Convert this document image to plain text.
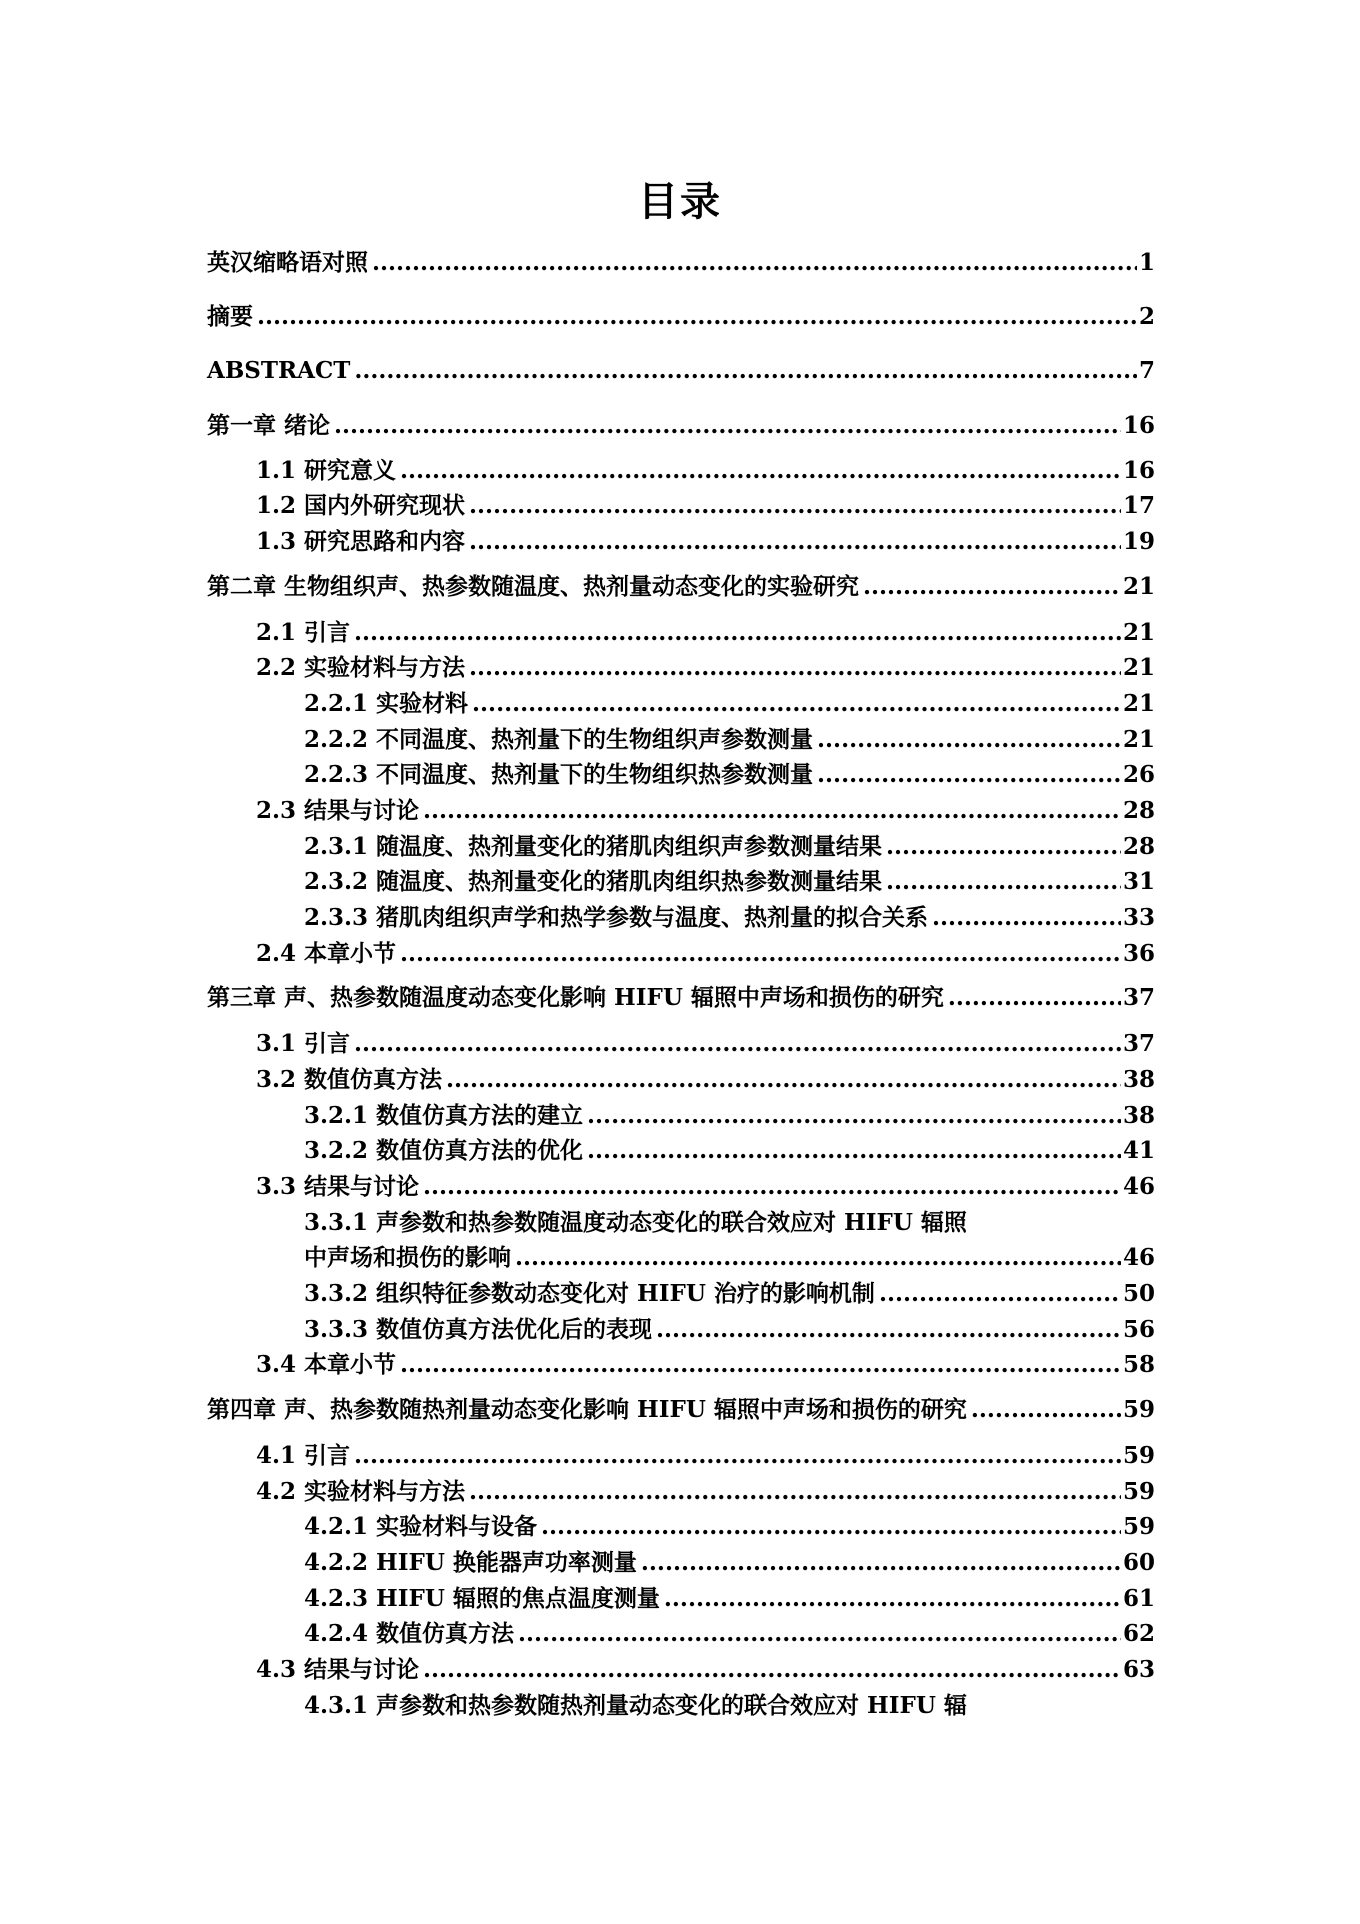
目录
英汉缩略语对照 .....	1
摘要 .....	2
ABSTRACT .....	7
第一章 绪论 .....	16
1.1 研究意义 .....	16
1.2 国内外研究现状 .....	17
1.3 研究思路和内容 .....	19
第二章 生物组织声、热参数随温度、热剂量动态变化的实验研究 .....	21
2.1 引言 .....	21
2.2 实验材料与方法 .....	21
2.2.1 实验材料 .....	21
2.2.2 不同温度、热剂量下的生物组织声参数测量 .....	21
2.2.3 不同温度、热剂量下的生物组织热参数测量 .....	26
2.3 结果与讨论 .....	28
2.3.1 随温度、热剂量变化的猪肌肉组织声参数测量结果 .....	28
2.3.2 随温度、热剂量变化的猪肌肉组织热参数测量结果 .....	31
2.3.3 猪肌肉组织声学和热学参数与温度、热剂量的拟合关系 .....	33
2.4 本章小节 .....	36
第三章 声、热参数随温度动态变化影响 HIFU 辐照中声场和损伤的研究 .....	37
3.1 引言 .....	37
3.2 数值仿真方法 .....	38
3.2.1 数值仿真方法的建立 .....	38
3.2.2 数值仿真方法的优化 .....	41
3.3 结果与讨论 .....	46
3.3.1 声参数和热参数随温度动态变化的联合效应对 HIFU 辐照
中声场和损伤的影响 .....	46
3.3.2 组织特征参数动态变化对 HIFU 治疗的影响机制 .....	50
3.3.3 数值仿真方法优化后的表现 .....	56
3.4 本章小节 .....	58
第四章 声、热参数随热剂量动态变化影响 HIFU 辐照中声场和损伤的研究 .....	59
4.1 引言 .....	59
4.2 实验材料与方法 .....	59
4.2.1 实验材料与设备 .....	59
4.2.2 HIFU 换能器声功率测量 .....	60
4.2.3 HIFU 辐照的焦点温度测量 .....	61
4.2.4 数值仿真方法 .....	62
4.3 结果与讨论 .....	63
4.3.1 声参数和热参数随热剂量动态变化的联合效应对 HIFU 辐
